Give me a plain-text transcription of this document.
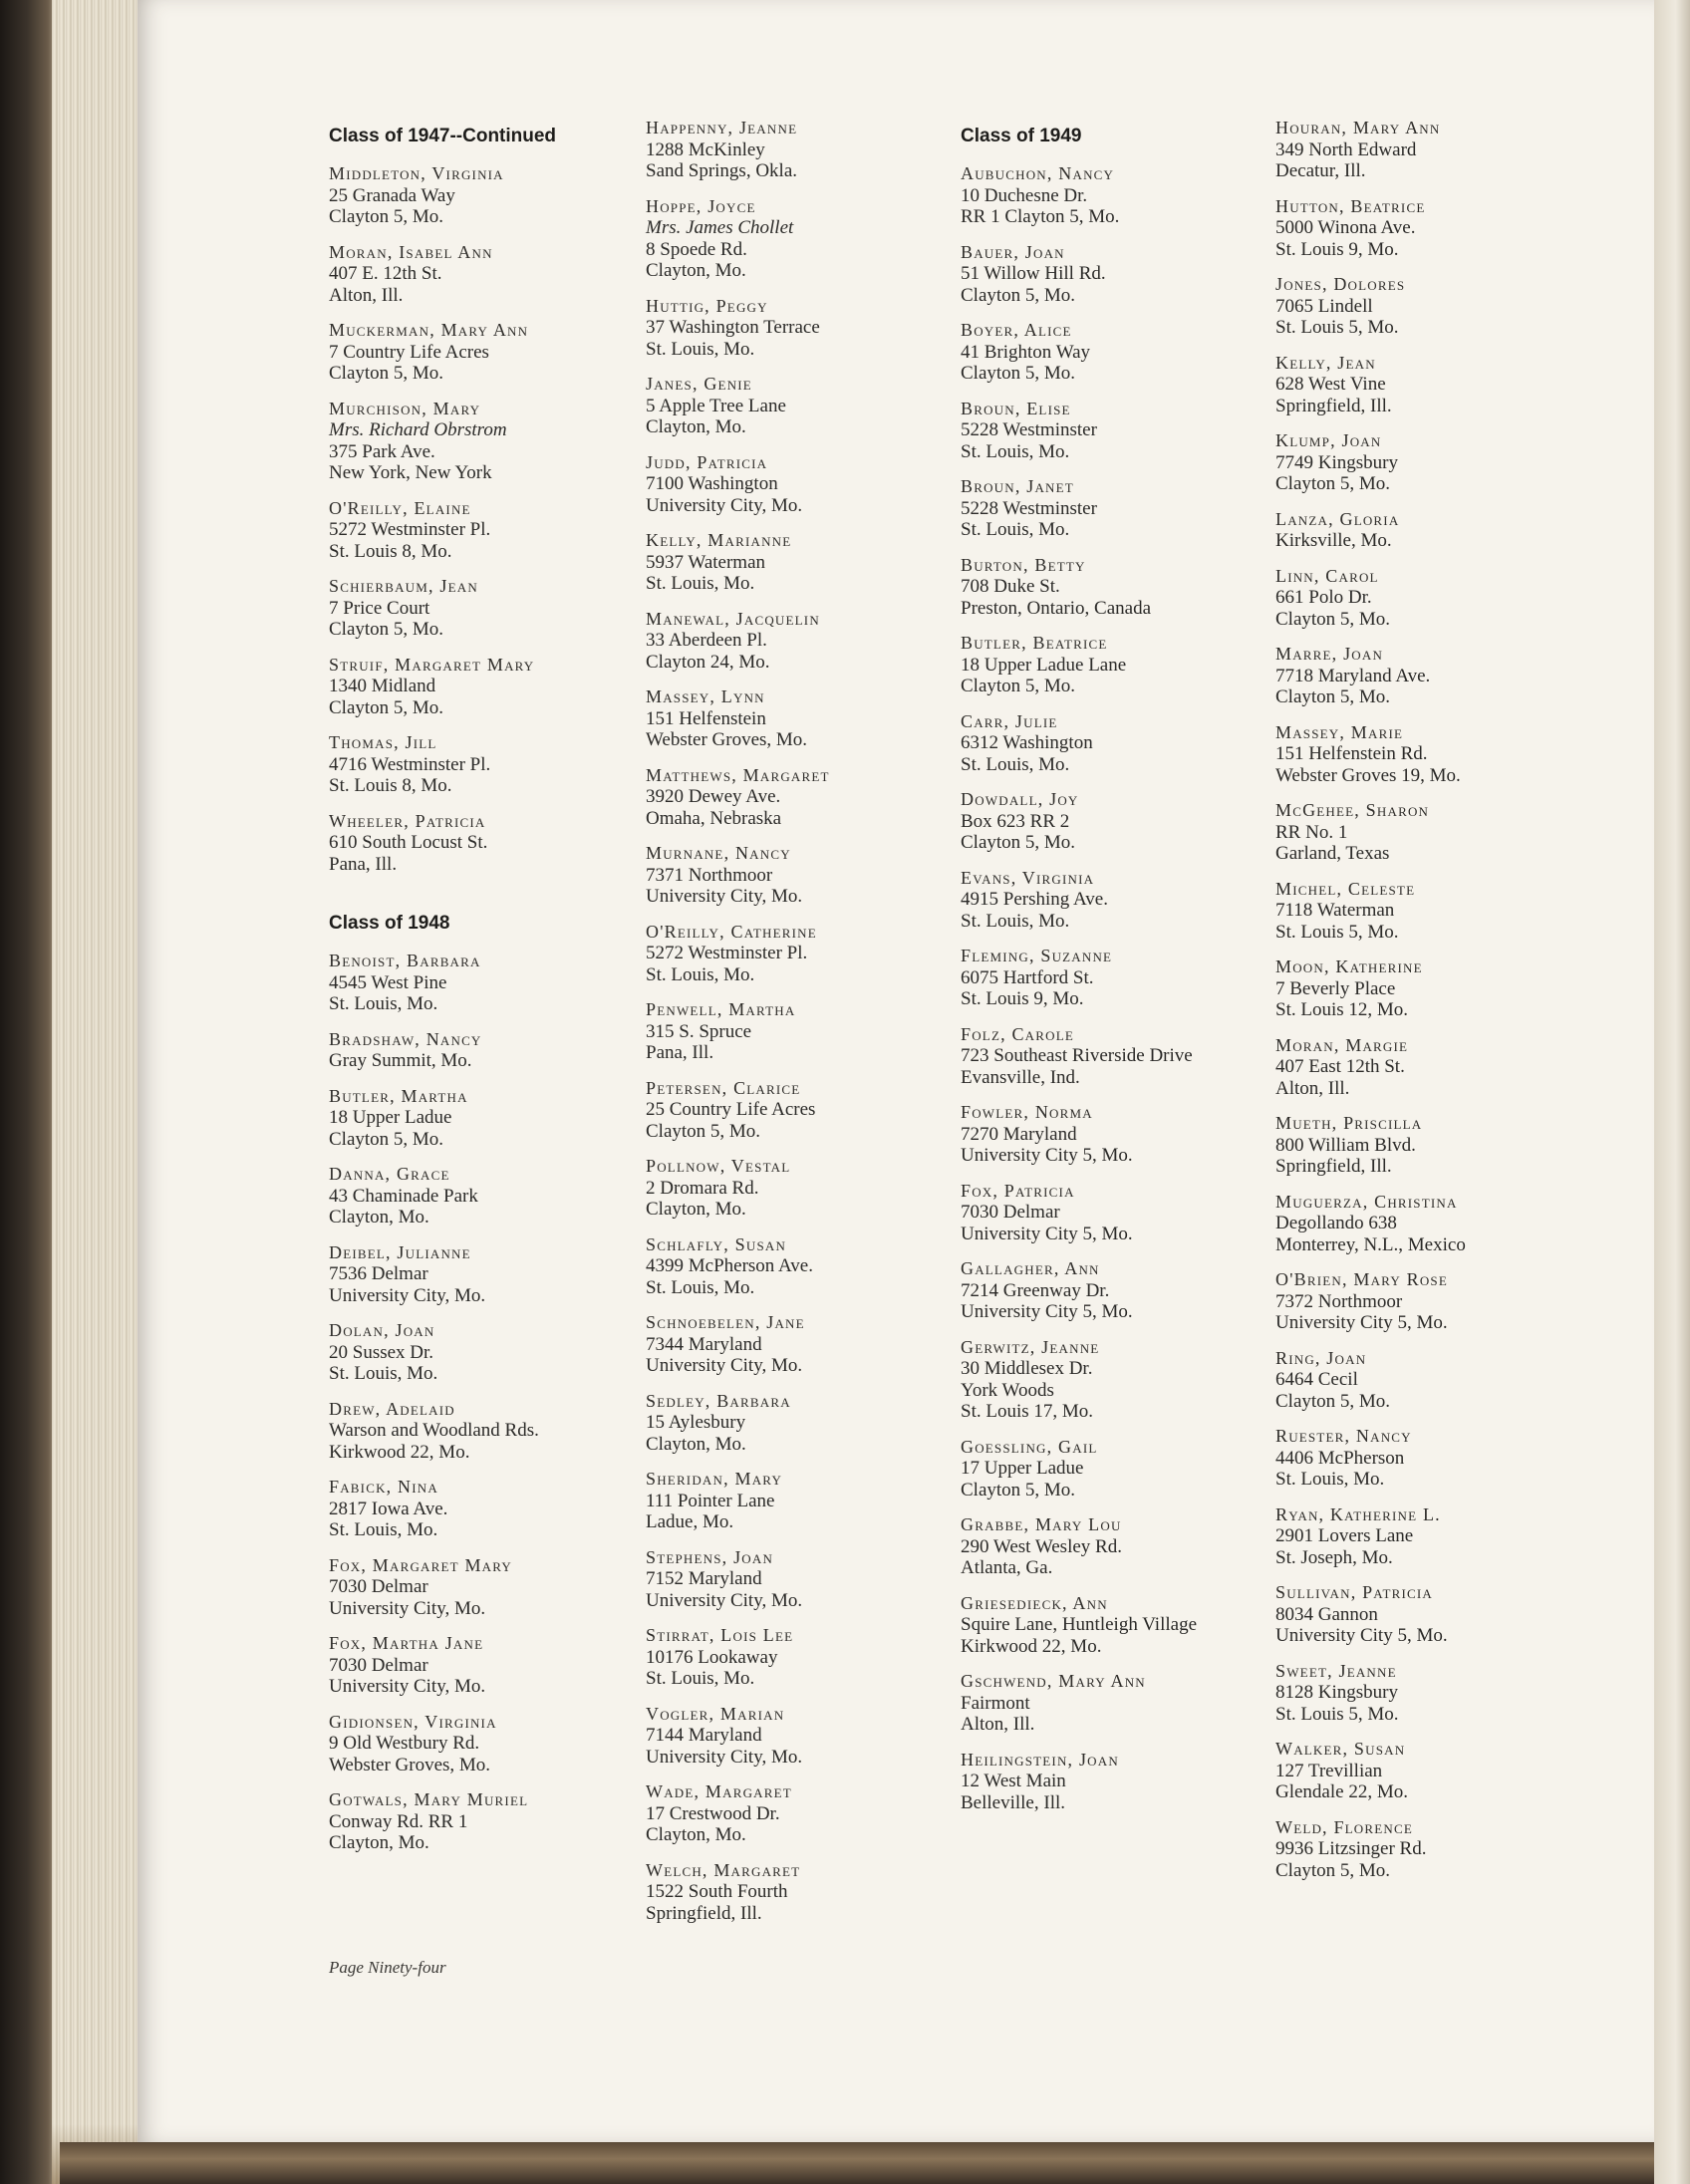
Class of 1947--Continued
Middleton, Virginia
25 Granada Way
Clayton 5, Mo.
Moran, Isabel Ann
407 E. 12th St.
Alton, Ill.
Muckerman, Mary Ann
7 Country Life Acres
Clayton 5, Mo.
Murchison, Mary
Mrs. Richard Obrstrom
375 Park Ave.
New York, New York
O'Reilly, Elaine
5272 Westminster Pl.
St. Louis 8, Mo.
Schierbaum, Jean
7 Price Court
Clayton 5, Mo.
Struif, Margaret Mary
1340 Midland
Clayton 5, Mo.
Thomas, Jill
4716 Westminster Pl.
St. Louis 8, Mo.
Wheeler, Patricia
610 South Locust St.
Pana, Ill.
Class of 1948
Benoist, Barbara
4545 West Pine
St. Louis, Mo.
Bradshaw, Nancy
Gray Summit, Mo.
Butler, Martha
18 Upper Ladue
Clayton 5, Mo.
Danna, Grace
43 Chaminade Park
Clayton, Mo.
Deibel, Julianne
7536 Delmar
University City, Mo.
Dolan, Joan
20 Sussex Dr.
St. Louis, Mo.
Drew, Adelaid
Warson and Woodland Rds.
Kirkwood 22, Mo.
Fabick, Nina
2817 Iowa Ave.
St. Louis, Mo.
Fox, Margaret Mary
7030 Delmar
University City, Mo.
Fox, Martha Jane
7030 Delmar
University City, Mo.
Gidionsen, Virginia
9 Old Westbury Rd.
Webster Groves, Mo.
Gotwals, Mary Muriel
Conway Rd. RR 1
Clayton, Mo.
Happenny, Jeanne
1288 McKinley
Sand Springs, Okla.
Hoppe, Joyce
Mrs. James Chollet
8 Spoede Rd.
Clayton, Mo.
Huttig, Peggy
37 Washington Terrace
St. Louis, Mo.
Janes, Genie
5 Apple Tree Lane
Clayton, Mo.
Judd, Patricia
7100 Washington
University City, Mo.
Kelly, Marianne
5937 Waterman
St. Louis, Mo.
Manewal, Jacquelin
33 Aberdeen Pl.
Clayton 24, Mo.
Massey, Lynn
151 Helfenstein
Webster Groves, Mo.
Matthews, Margaret
3920 Dewey Ave.
Omaha, Nebraska
Murnane, Nancy
7371 Northmoor
University City, Mo.
O'Reilly, Catherine
5272 Westminster Pl.
St. Louis, Mo.
Penwell, Martha
315 S. Spruce
Pana, Ill.
Petersen, Clarice
25 Country Life Acres
Clayton 5, Mo.
Pollnow, Vestal
2 Dromara Rd.
Clayton, Mo.
Schlafly, Susan
4399 McPherson Ave.
St. Louis, Mo.
Schnoebelen, Jane
7344 Maryland
University City, Mo.
Sedley, Barbara
15 Aylesbury
Clayton, Mo.
Sheridan, Mary
111 Pointer Lane
Ladue, Mo.
Stephens, Joan
7152 Maryland
University City, Mo.
Stirrat, Lois Lee
10176 Lookaway
St. Louis, Mo.
Vogler, Marian
7144 Maryland
University City, Mo.
Wade, Margaret
17 Crestwood Dr.
Clayton, Mo.
Welch, Margaret
1522 South Fourth
Springfield, Ill.
Class of 1949
Aubuchon, Nancy
10 Duchesne Dr.
RR 1 Clayton 5, Mo.
Bauer, Joan
51 Willow Hill Rd.
Clayton 5, Mo.
Boyer, Alice
41 Brighton Way
Clayton 5, Mo.
Broun, Elise
5228 Westminster
St. Louis, Mo.
Broun, Janet
5228 Westminster
St. Louis, Mo.
Burton, Betty
708 Duke St.
Preston, Ontario, Canada
Butler, Beatrice
18 Upper Ladue Lane
Clayton 5, Mo.
Carr, Julie
6312 Washington
St. Louis, Mo.
Dowdall, Joy
Box 623 RR 2
Clayton 5, Mo.
Evans, Virginia
4915 Pershing Ave.
St. Louis, Mo.
Fleming, Suzanne
6075 Hartford St.
St. Louis 9, Mo.
Folz, Carole
723 Southeast Riverside Drive
Evansville, Ind.
Fowler, Norma
7270 Maryland
University City 5, Mo.
Fox, Patricia
7030 Delmar
University City 5, Mo.
Gallagher, Ann
7214 Greenway Dr.
University City 5, Mo.
Gerwitz, Jeanne
30 Middlesex Dr.
York Woods
St. Louis 17, Mo.
Goessling, Gail
17 Upper Ladue
Clayton 5, Mo.
Grabbe, Mary Lou
290 West Wesley Rd.
Atlanta, Ga.
Griesedieck, Ann
Squire Lane, Huntleigh Village
Kirkwood 22, Mo.
Gschwend, Mary Ann
Fairmont
Alton, Ill.
Heilingstein, Joan
12 West Main
Belleville, Ill.
Houran, Mary Ann
349 North Edward
Decatur, Ill.
Hutton, Beatrice
5000 Winona Ave.
St. Louis 9, Mo.
Jones, Dolores
7065 Lindell
St. Louis 5, Mo.
Kelly, Jean
628 West Vine
Springfield, Ill.
Klump, Joan
7749 Kingsbury
Clayton 5, Mo.
Lanza, Gloria
Kirksville, Mo.
Linn, Carol
661 Polo Dr.
Clayton 5, Mo.
Marre, Joan
7718 Maryland Ave.
Clayton 5, Mo.
Massey, Marie
151 Helfenstein Rd.
Webster Groves 19, Mo.
McGehee, Sharon
RR No. 1
Garland, Texas
Michel, Celeste
7118 Waterman
St. Louis 5, Mo.
Moon, Katherine
7 Beverly Place
St. Louis 12, Mo.
Moran, Margie
407 East 12th St.
Alton, Ill.
Mueth, Priscilla
800 William Blvd.
Springfield, Ill.
Muguerza, Christina
Degollando 638
Monterrey, N.L., Mexico
O'Brien, Mary Rose
7372 Northmoor
University City 5, Mo.
Ring, Joan
6464 Cecil
Clayton 5, Mo.
Ruester, Nancy
4406 McPherson
St. Louis, Mo.
Ryan, Katherine L.
2901 Lovers Lane
St. Joseph, Mo.
Sullivan, Patricia
8034 Gannon
University City 5, Mo.
Sweet, Jeanne
8128 Kingsbury
St. Louis 5, Mo.
Walker, Susan
127 Trevillian
Glendale 22, Mo.
Weld, Florence
9936 Litzsinger Rd.
Clayton 5, Mo.
Page Ninety-four
